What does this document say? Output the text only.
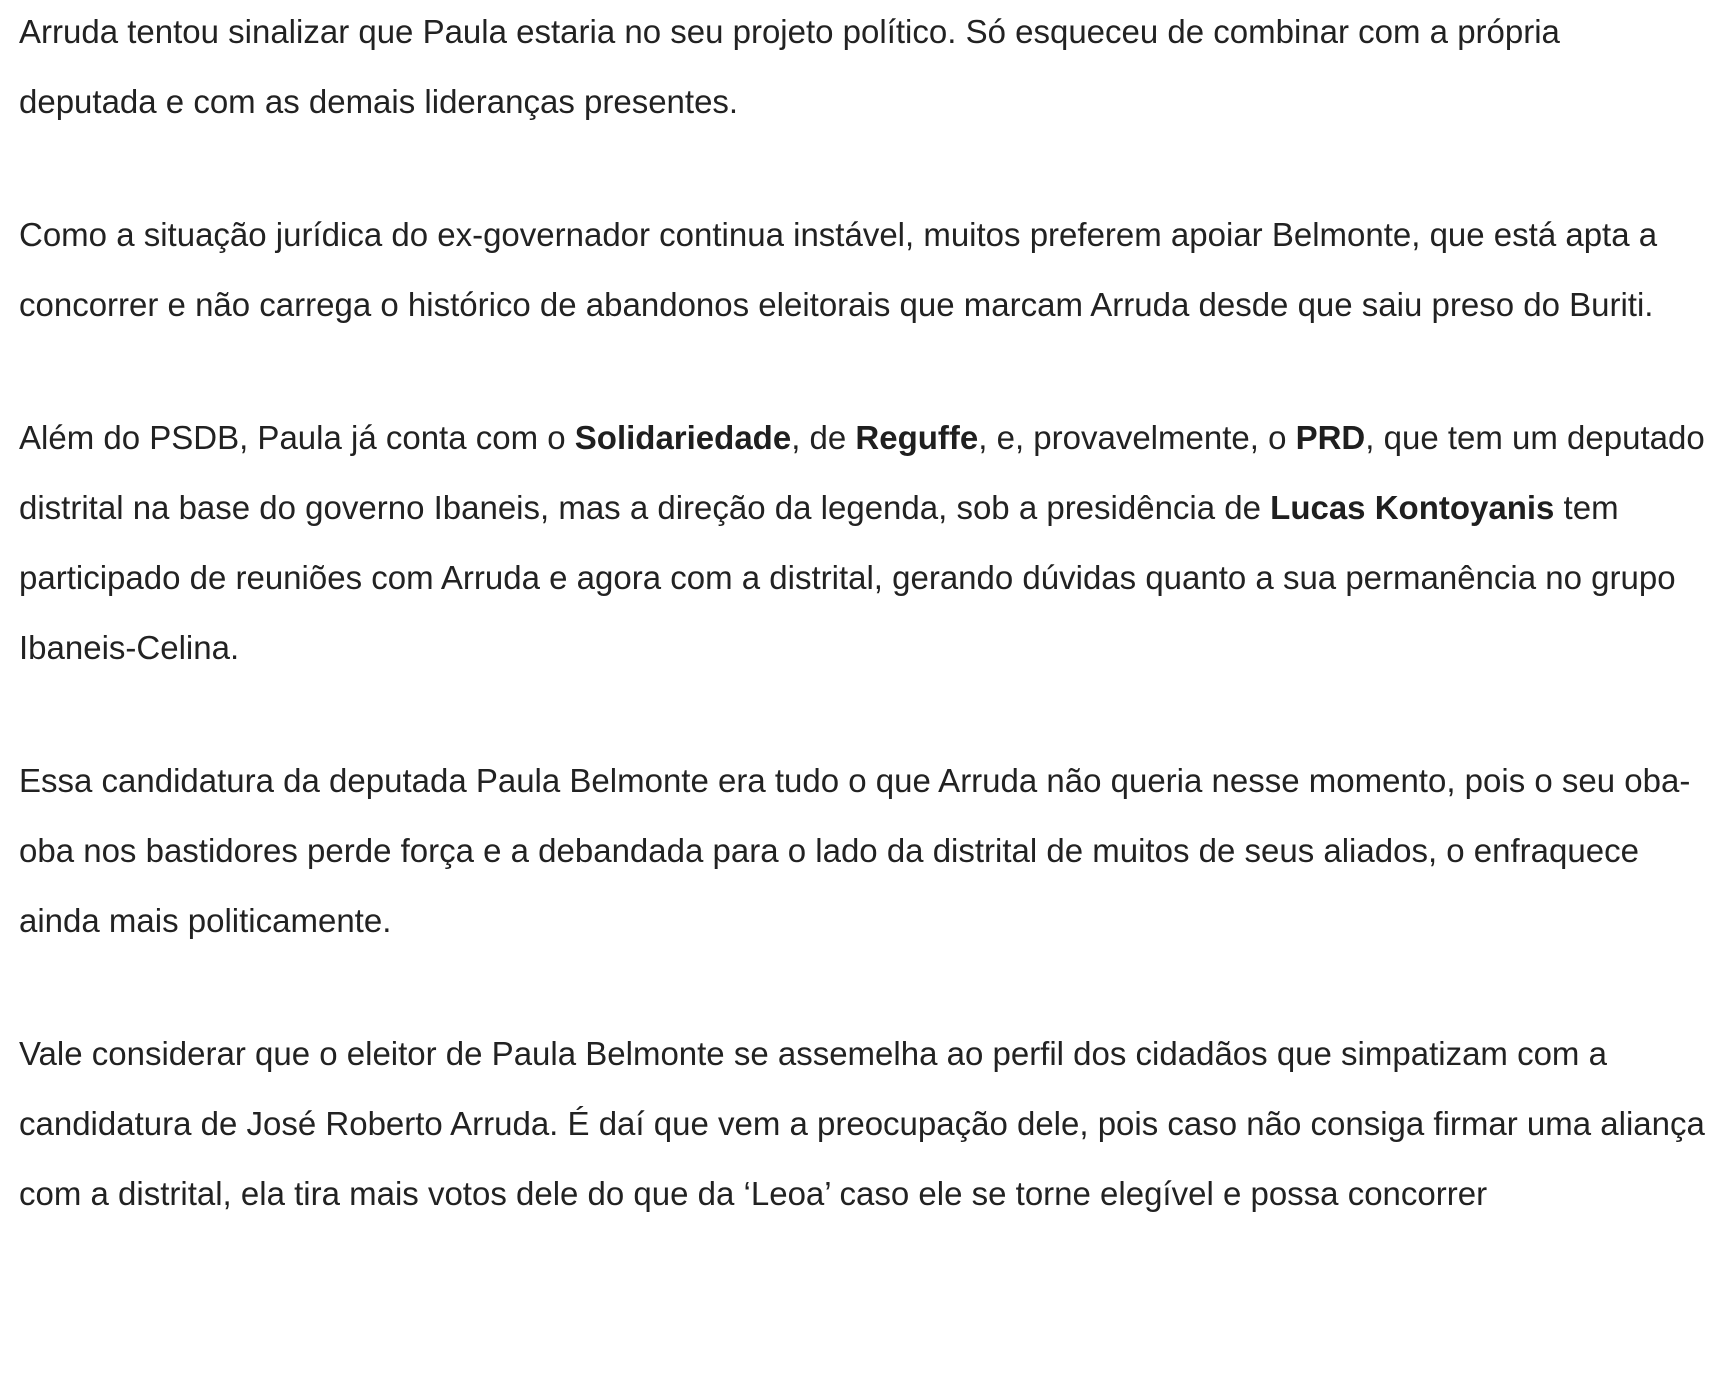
Arruda tentou sinalizar que Paula estaria no seu projeto político. Só esqueceu de combinar com a própria deputada e com as demais lideranças presentes.

Como a situação jurídica do ex-governador continua instável, muitos preferem apoiar Belmonte, que está apta a concorrer e não carrega o histórico de abandonos eleitorais que marcam Arruda desde que saiu preso do Buriti.

Além do PSDB, Paula já conta com o Solidariedade, de Reguffe, e, provavelmente, o PRD, que tem um deputado distrital na base do governo Ibaneis, mas a direção da legenda, sob a presidência de Lucas Kontoyanis tem participado de reuniões com Arruda e agora com a distrital, gerando dúvidas quanto a sua permanência no grupo Ibaneis-Celina.

Essa candidatura da deputada Paula Belmonte era tudo o que Arruda não queria nesse momento, pois o seu oba-oba nos bastidores perde força e a debandada para o lado da distrital de muitos de seus aliados, o enfraquece ainda mais politicamente.

Vale considerar que o eleitor de Paula Belmonte se assemelha ao perfil dos cidadãos que simpatizam com a candidatura de José Roberto Arruda. É daí que vem a preocupação dele, pois caso não consiga firmar uma aliança com a distrital, ela tira mais votos dele do que da ‘Leoa’ caso ele se torne elegível e possa concorrer
